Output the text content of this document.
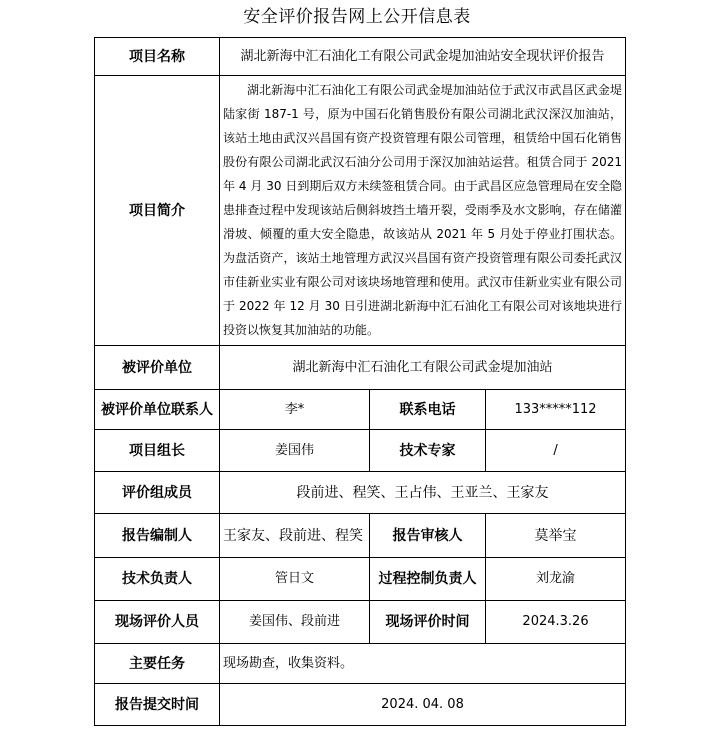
安全评价报告网上公开信息表
项目名称	湖北新海中汇石油化工有限公司武金堤加油站安全现状评价报告		
项目简介	湖北新海中汇石油化工有限公司武金堤加油站位于武汉市武昌区武金堤陆家街 187-1 号，原为中国石化销售股份有限公司湖北武汉深汉加油站，该站土地由武汉兴昌国有资产投资管理有限公司管理，租赁给中国石化销售股份有限公司湖北武汉石油分公司用于深汉加油站运营。租赁合同于 2021 年 4 月 30 日到期后双方未续签租赁合同。由于武昌区应急管理局在安全隐患排查过程中发现该站后侧斜坡挡土墙开裂，受雨季及水文影响，存在储灌滑坡、倾覆的重大安全隐患，故该站从 2021 年 5 月处于停业打围状态。为盘活资产，该站土地管理方武汉兴昌国有资产投资管理有限公司委托武汉市佳新业实业有限公司对该块场地管理和使用。武汉市佳新业实业有限公司于 2022 年 12 月 30 日引进湖北新海中汇石油化工有限公司对该地块进行投资以恢复其加油站的功能。		
被评价单位	湖北新海中汇石油化工有限公司武金堤加油站		
被评价单位联系人	李*	联系电话	133*****112
项目组长	姜国伟	技术专家	/
评价组成员	段前进、程笑、王占伟、王亚兰、王家友		
报告编制人	王家友、段前进、程笑	报告审核人	莫举宝
技术负责人	管日文	过程控制负责人	刘龙渝
现场评价人员	姜国伟、段前进	现场评价时间	2024.3.26
主要任务	现场勘查，收集资料。		
报告提交时间	2024. 04. 08		
